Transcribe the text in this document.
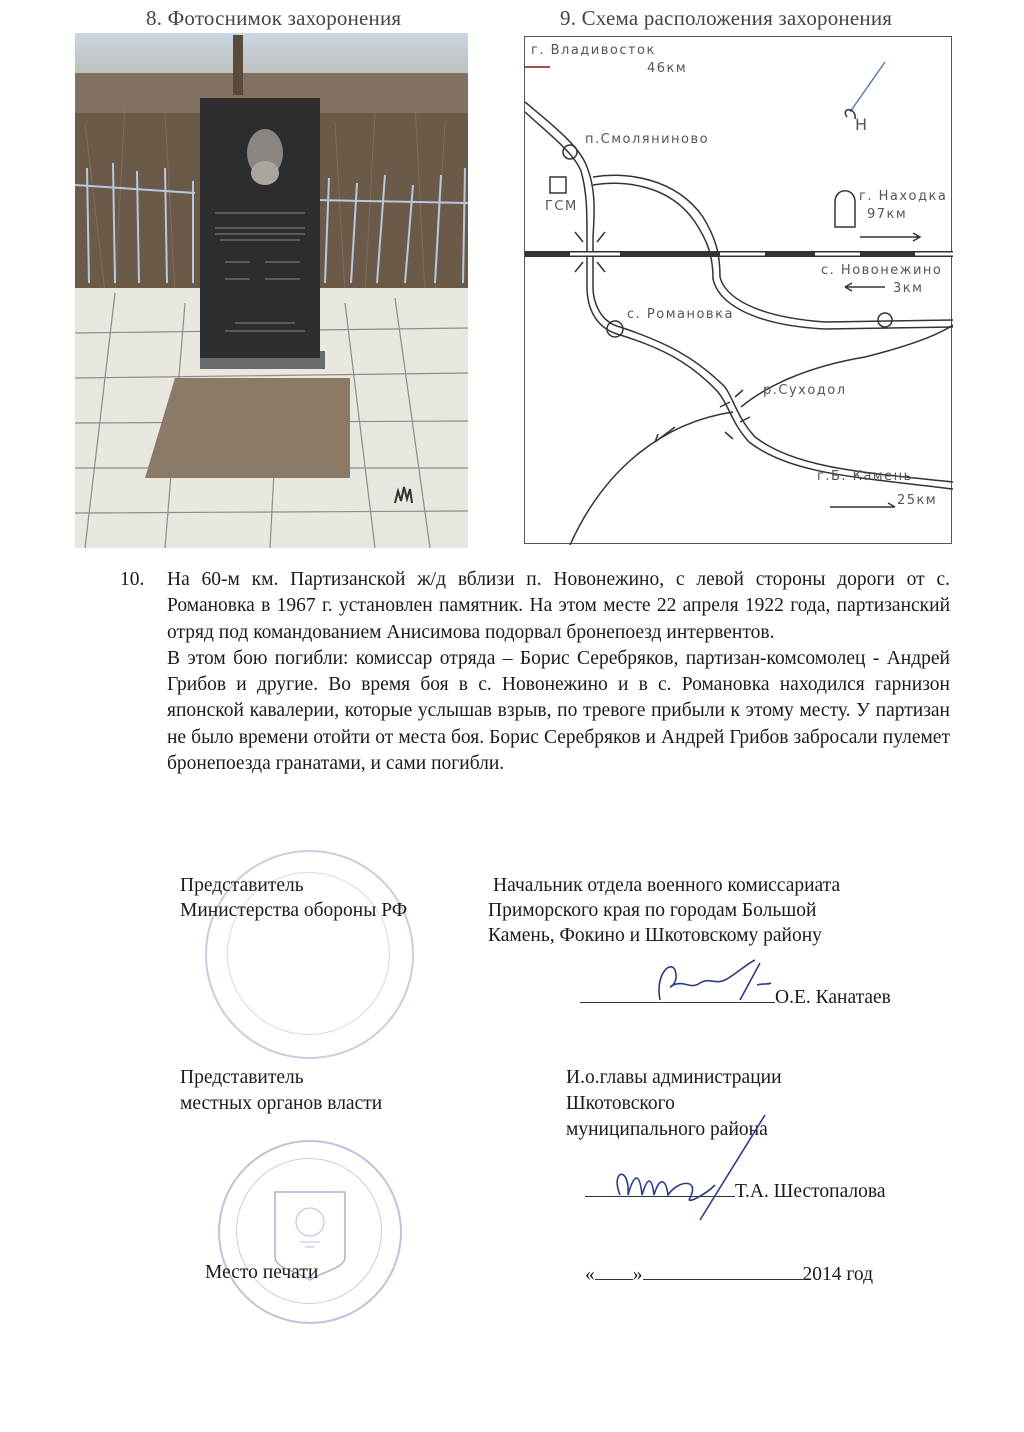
8. Фотоснимок захоронения	9. Схема расположения захоронения
г. Владивосток
46км
п.Смоляниново
ГСМ
г. Находка
97км
с. Новонежино
3км
с. Романовка
р.Суходол
г.Б. Камень
25км
Н
10. На 60-м км. Партизанской ж/д вблизи п. Новонежино, с левой стороны дороги от с. Романовка в 1967 г. установлен памятник. На этом месте 22 апреля 1922 года, партизанский отряд под командованием Анисимова подорвал бронепоезд интервентов.

В этом бою погибли: комиссар отряда – Борис Серебряков, партизан-комсомолец - Андрей Грибов и другие. Во время боя в с. Новонежино и в с. Романовка находился гарнизон японской кавалерии, которые услышав взрыв, по тревоге прибыли к этому месту. У партизан не было времени отойти от места боя. Борис Серебряков и Андрей Грибов забросали пулемет бронепоезда гранатами, и сами погибли.

Представитель
Министерства обороны РФ
Начальник отдела военного комиссариата
Приморского края по городам Большой
Камень, Фокино и Шкотовскому району
О.Е. Канатаев
Представитель
местных органов власти
И.о.главы администрации
Шкотовского
муниципального района
Т.А. Шестопалова
Место печати	« »	2014 год
